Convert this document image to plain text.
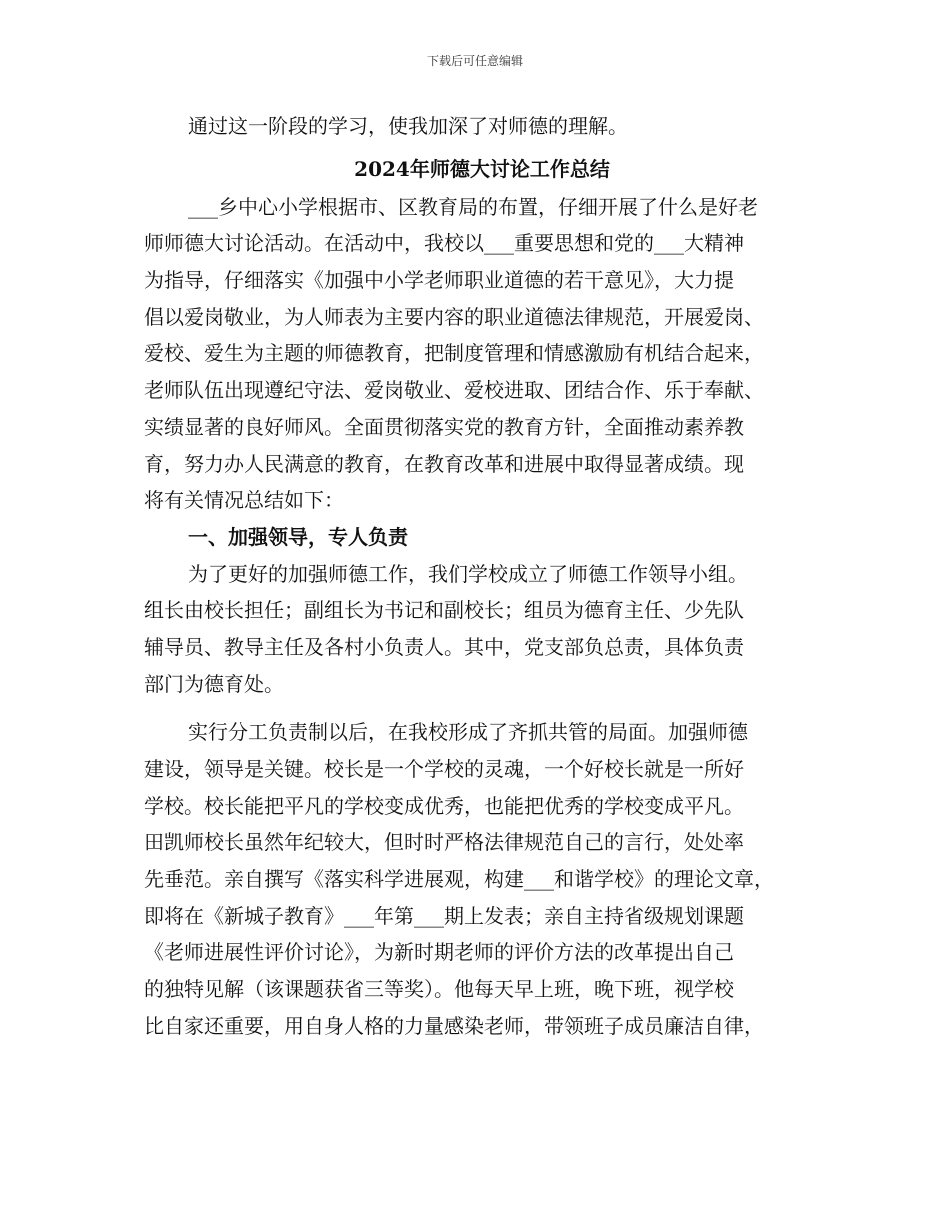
下载后可任意编辑
通过这一阶段的学习，使我加深了对师德的理解。
2024年师德大讨论工作总结
___乡中心小学根据市、区教育局的布置，仔细开展了什么是好老
师师德大讨论活动。在活动中，我校以___重要思想和党的___大精神
为指导，仔细落实《加强中小学老师职业道德的若干意见》，大力提
倡以爱岗敬业，为人师表为主要内容的职业道德法律规范，开展爱岗、
爱校、爱生为主题的师德教育，把制度管理和情感激励有机结合起来，
老师队伍出现遵纪守法、爱岗敬业、爱校进取、团结合作、乐于奉献、
实绩显著的良好师风。全面贯彻落实党的教育方针，全面推动素养教
育，努力办人民满意的教育，在教育改革和进展中取得显著成绩。现
将有关情况总结如下：
一、加强领导，专人负责
为了更好的加强师德工作，我们学校成立了师德工作领导小组。
组长由校长担任；副组长为书记和副校长；组员为德育主任、少先队
辅导员、教导主任及各村小负责人。其中，党支部负总责，具体负责
部门为德育处。
实行分工负责制以后，在我校形成了齐抓共管的局面。加强师德
建设，领导是关键。校长是一个学校的灵魂，一个好校长就是一所好
学校。校长能把平凡的学校变成优秀，也能把优秀的学校变成平凡。
田凯师校长虽然年纪较大，但时时严格法律规范自己的言行，处处率
先垂范。亲自撰写《落实科学进展观，构建___和谐学校》的理论文章，
即将在《新城子教育》___年第___期上发表；亲自主持省级规划课题
《老师进展性评价讨论》，为新时期老师的评价方法的改革提出自己
的独特见解（该课题获省三等奖）。他每天早上班，晚下班，视学校
比自家还重要，用自身人格的力量感染老师，带领班子成员廉洁自律，
